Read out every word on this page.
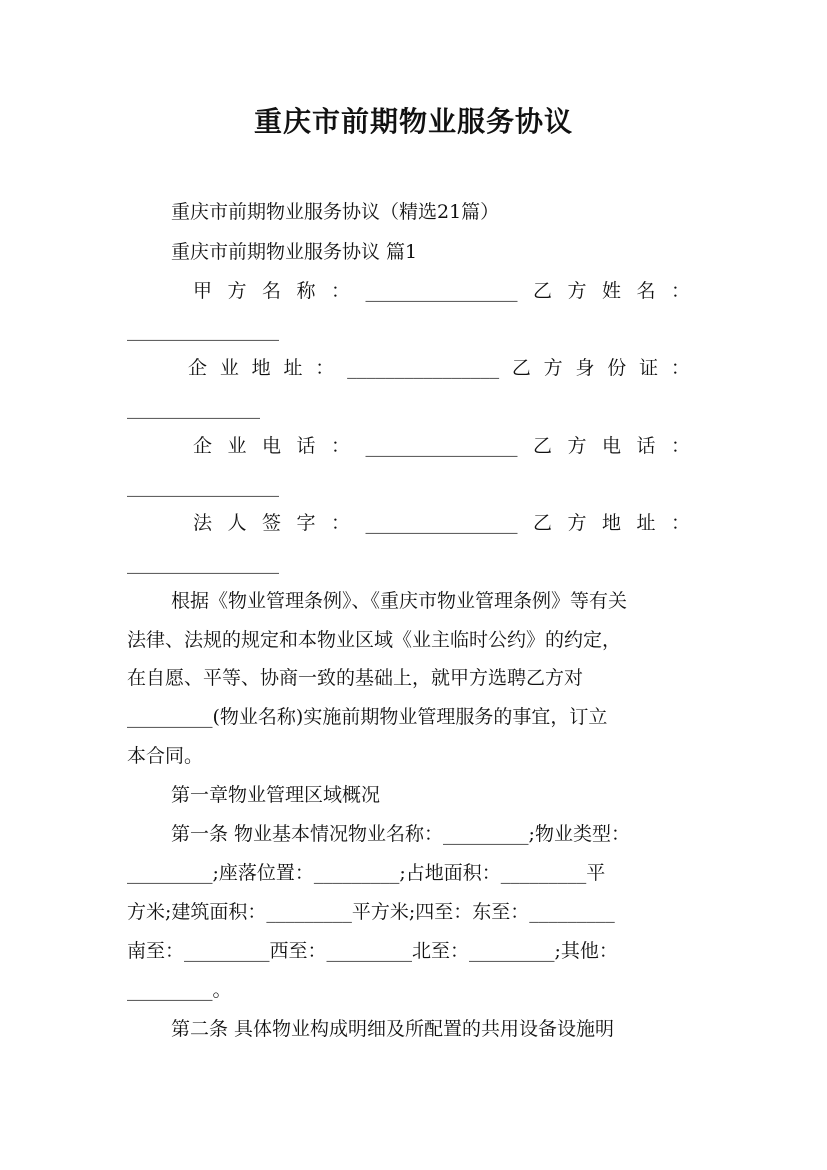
重庆市前期物业服务协议
重庆市前期物业服务协议（精选21篇）
重庆市前期物业服务协议 篇1
甲 方 名 称 ： ________________ 乙 方 姓 名 ：
________________
企 业 地 址 ： ________________ 乙 方 身 份 证 ：
______________
企 业 电 话 ： ________________ 乙 方 电 话 ：
________________
法 人 签 字 ： ________________ 乙 方 地 址 ：
________________
根据《物业管理条例》、《重庆市物业管理条例》等有关
法律、法规的规定和本物业区域《业主临时公约》的约定，
在自愿、平等、协商一致的基础上，就甲方选聘乙方对
_________(物业名称)实施前期物业管理服务的事宜，订立
本合同。
第一章物业管理区域概况
第一条 物业基本情况物业名称：_________;物业类型：
_________;座落位置：_________;占地面积：_________平
方米;建筑面积：_________平方米;四至：东至：_________
南至：_________西至：_________北至：_________;其他：
_________。
第二条 具体物业构成明细及所配置的共用设备设施明
